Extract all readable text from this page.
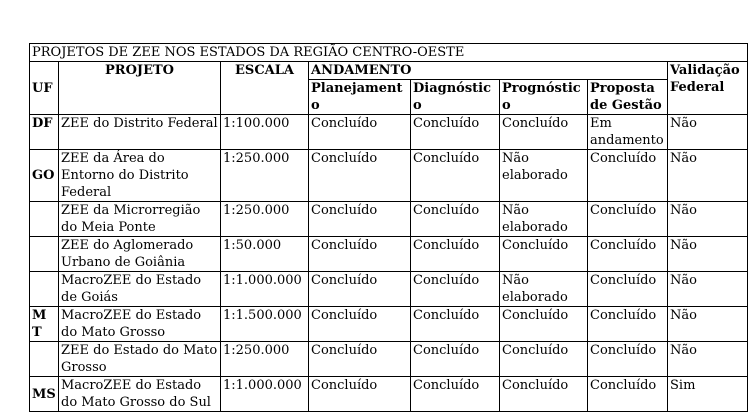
PROJETOS DE ZEE NOS ESTADOS DA REGIÃO CENTRO-OESTE							
UF	PROJETO	ESCALA	ANDAMENTO				Validação Federal
			Planejamento	Diagnóstico	Prognóstico	Proposta de Gestão	
DF	ZEE do Distrito Federal	1:100.000	Concluído	Concluído	Concluído	Em andamento	Não
GO	ZEE da Área do Entorno do Distrito Federal	1:250.000	Concluído	Concluído	Não elaborado	Concluído	Não
	ZEE da Microrregião do Meia Ponte	1:250.000	Concluído	Concluído	Não elaborado	Concluído	Não
	ZEE do Aglomerado Urbano de Goiânia	1:50.000	Concluído	Concluído	Concluído	Concluído	Não
	MacroZEE do Estado de Goiás	1:1.000.000	Concluído	Concluído	Não elaborado	Concluído	Não
MT	MacroZEE do Estado do Mato Grosso	1:1.500.000	Concluído	Concluído	Concluído	Concluído	Não
	ZEE do Estado do Mato Grosso	1:250.000	Concluído	Concluído	Concluído	Concluído	Não
MS	MacroZEE do Estado do Mato Grosso do Sul	1:1.000.000	Concluído	Concluído	Concluído	Concluído	Sim
